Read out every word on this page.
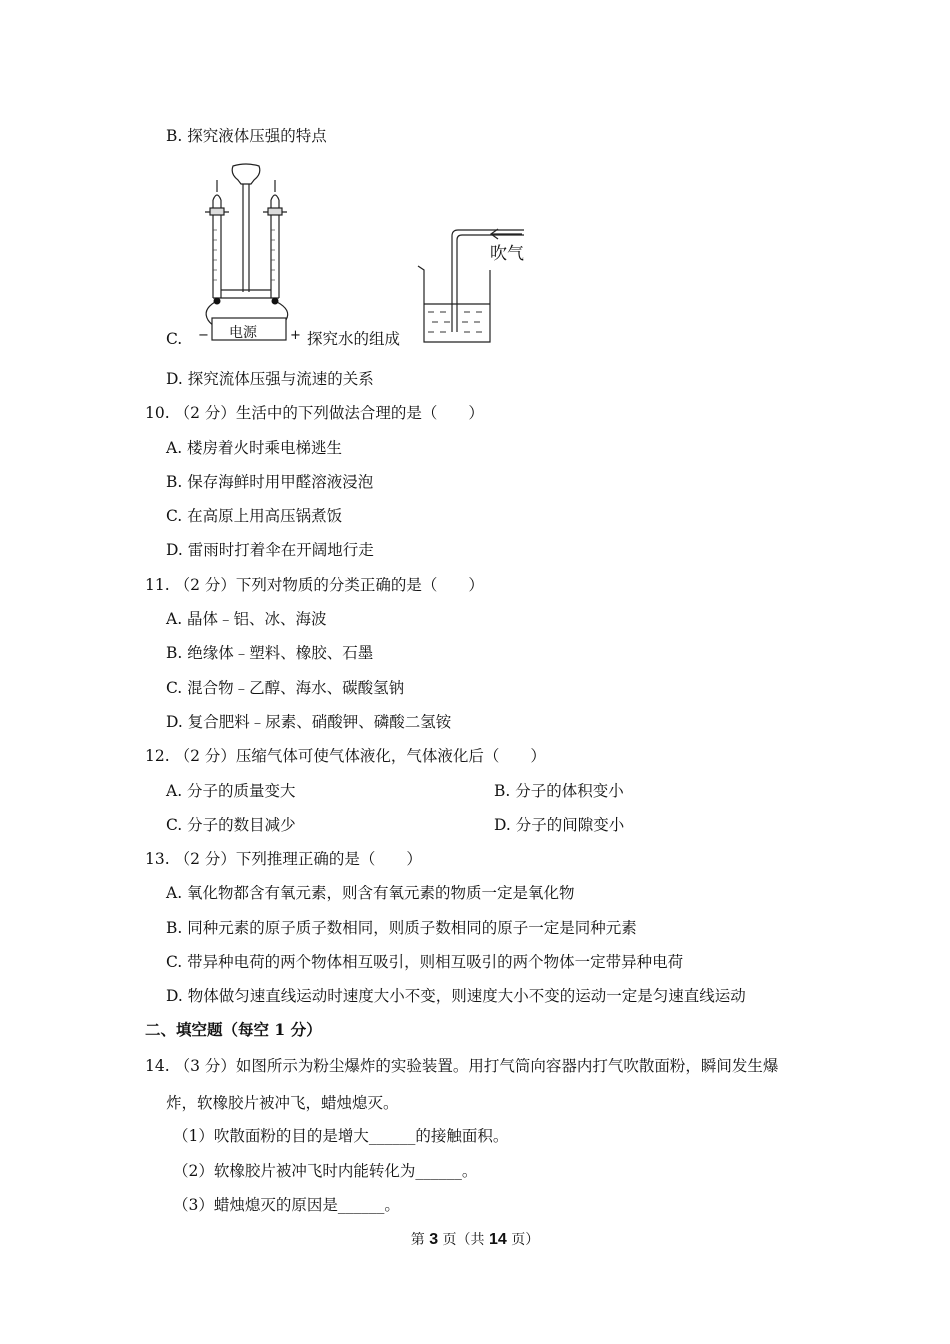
B. 探究液体压强的特点
电源
−	+
C.	探究水的组成
吹气
D. 探究流体压强与流速的关系
10. （2 分）生活中的下列做法合理的是（　　）
A. 楼房着火时乘电梯逃生
B. 保存海鲜时用甲醛溶液浸泡
C. 在高原上用高压锅煮饭
D. 雷雨时打着伞在开阔地行走
11. （2 分）下列对物质的分类正确的是（　　）
A. 晶体﹣铝、冰、海波
B. 绝缘体﹣塑料、橡胶、石墨
C. 混合物﹣乙醇、海水、碳酸氢钠
D. 复合肥料﹣尿素、硝酸钾、磷酸二氢铵
12. （2 分）压缩气体可使气体液化，气体液化后（　　）
A. 分子的质量变大	B. 分子的体积变小
C. 分子的数目减少	D. 分子的间隙变小
13. （2 分）下列推理正确的是（　　）
A. 氧化物都含有氧元素，则含有氧元素的物质一定是氧化物
B. 同种元素的原子质子数相同，则质子数相同的原子一定是同种元素
C. 带异种电荷的两个物体相互吸引，则相互吸引的两个物体一定带异种电荷
D. 物体做匀速直线运动时速度大小不变，则速度大小不变的运动一定是匀速直线运动
二、填空题（每空 1 分）
14. （3 分）如图所示为粉尘爆炸的实验装置。用打气筒向容器内打气吹散面粉，瞬间发生爆
炸，软橡胶片被冲飞，蜡烛熄灭。
（1）吹散面粉的目的是增大______的接触面积。
（2）软橡胶片被冲飞时内能转化为______。
（3）蜡烛熄灭的原因是______。
第 3 页（共 14 页）
